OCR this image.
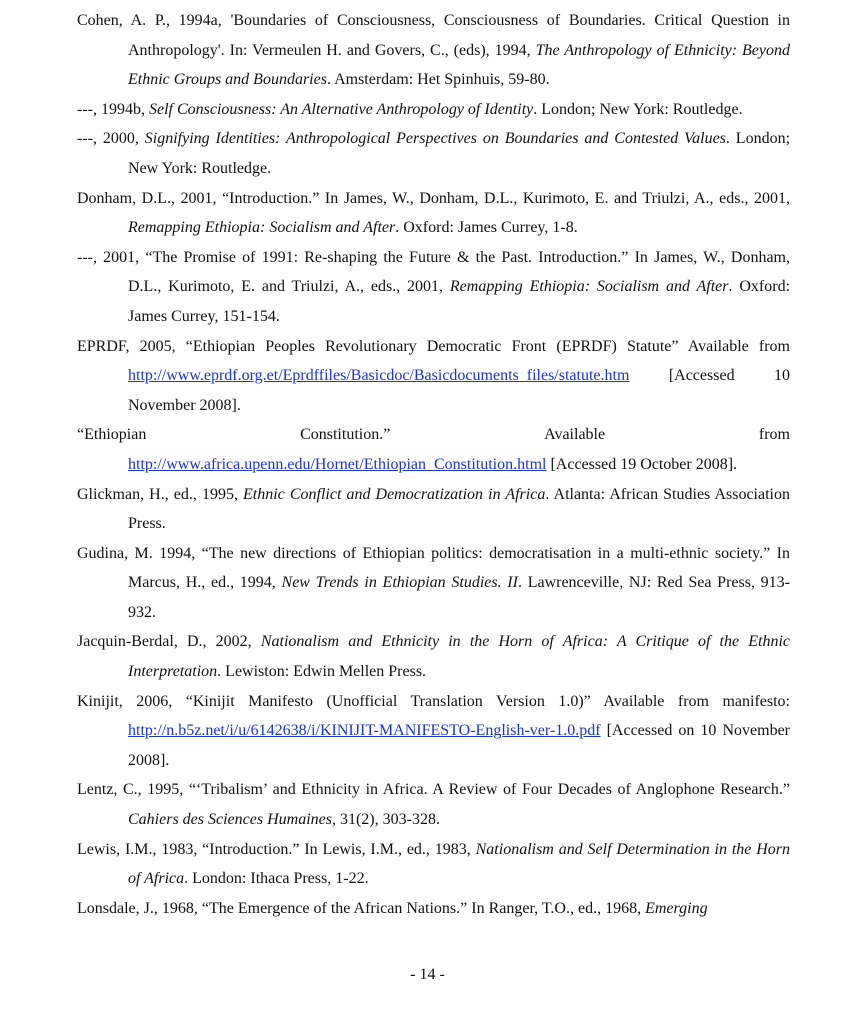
Cohen, A. P., 1994a, 'Boundaries of Consciousness, Consciousness of Boundaries. Critical Question in Anthropology'. In: Vermeulen H. and Govers, C., (eds), 1994, The Anthropology of Ethnicity: Beyond Ethnic Groups and Boundaries. Amsterdam: Het Spinhuis, 59-80.

---, 1994b, Self Consciousness: An Alternative Anthropology of Identity. London; New York: Routledge.

---, 2000, Signifying Identities: Anthropological Perspectives on Boundaries and Contested Values. London; New York: Routledge.

Donham, D.L., 2001, “Introduction.” In James, W., Donham, D.L., Kurimoto, E. and Triulzi, A., eds., 2001, Remapping Ethiopia: Socialism and After. Oxford: James Currey, 1-8.

---, 2001, “The Promise of 1991: Re-shaping the Future & the Past. Introduction.” In James, W., Donham, D.L., Kurimoto, E. and Triulzi, A., eds., 2001, Remapping Ethiopia: Socialism and After. Oxford: James Currey, 151-154.

EPRDF, 2005, “Ethiopian Peoples Revolutionary Democratic Front (EPRDF) Statute” Available from http://www.eprdf.org.et/Eprdffiles/Basicdoc/Basicdocuments_files/statute.htm [Accessed 10 November 2008].

“Ethiopian	Constitution.”	Available	from
http://www.africa.upenn.edu/Hornet/Ethiopian_Constitution.html [Accessed 19 October 2008].

Glickman, H., ed., 1995, Ethnic Conflict and Democratization in Africa. Atlanta: African Studies Association Press.

Gudina, M. 1994, “The new directions of Ethiopian politics: democratisation in a multi-ethnic society.” In Marcus, H., ed., 1994, New Trends in Ethiopian Studies. II. Lawrenceville, NJ: Red Sea Press, 913-932.

Jacquin-Berdal, D., 2002, Nationalism and Ethnicity in the Horn of Africa: A Critique of the Ethnic Interpretation. Lewiston: Edwin Mellen Press.

Kinijit, 2006, “Kinijit Manifesto (Unofficial Translation Version 1.0)” Available from manifesto: http://n.b5z.net/i/u/6142638/i/KINIJIT-MANIFESTO-English-ver-1.0.pdf [Accessed on 10 November 2008].

Lentz, C., 1995, “‘Tribalism’ and Ethnicity in Africa. A Review of Four Decades of Anglophone Research.” Cahiers des Sciences Humaines, 31(2), 303-328.

Lewis, I.M., 1983, “Introduction.” In Lewis, I.M., ed., 1983, Nationalism and Self Determination in the Horn of Africa. London: Ithaca Press, 1-22.

Lonsdale, J., 1968, “The Emergence of the African Nations.” In Ranger, T.O., ed., 1968, Emerging

- 14 -
